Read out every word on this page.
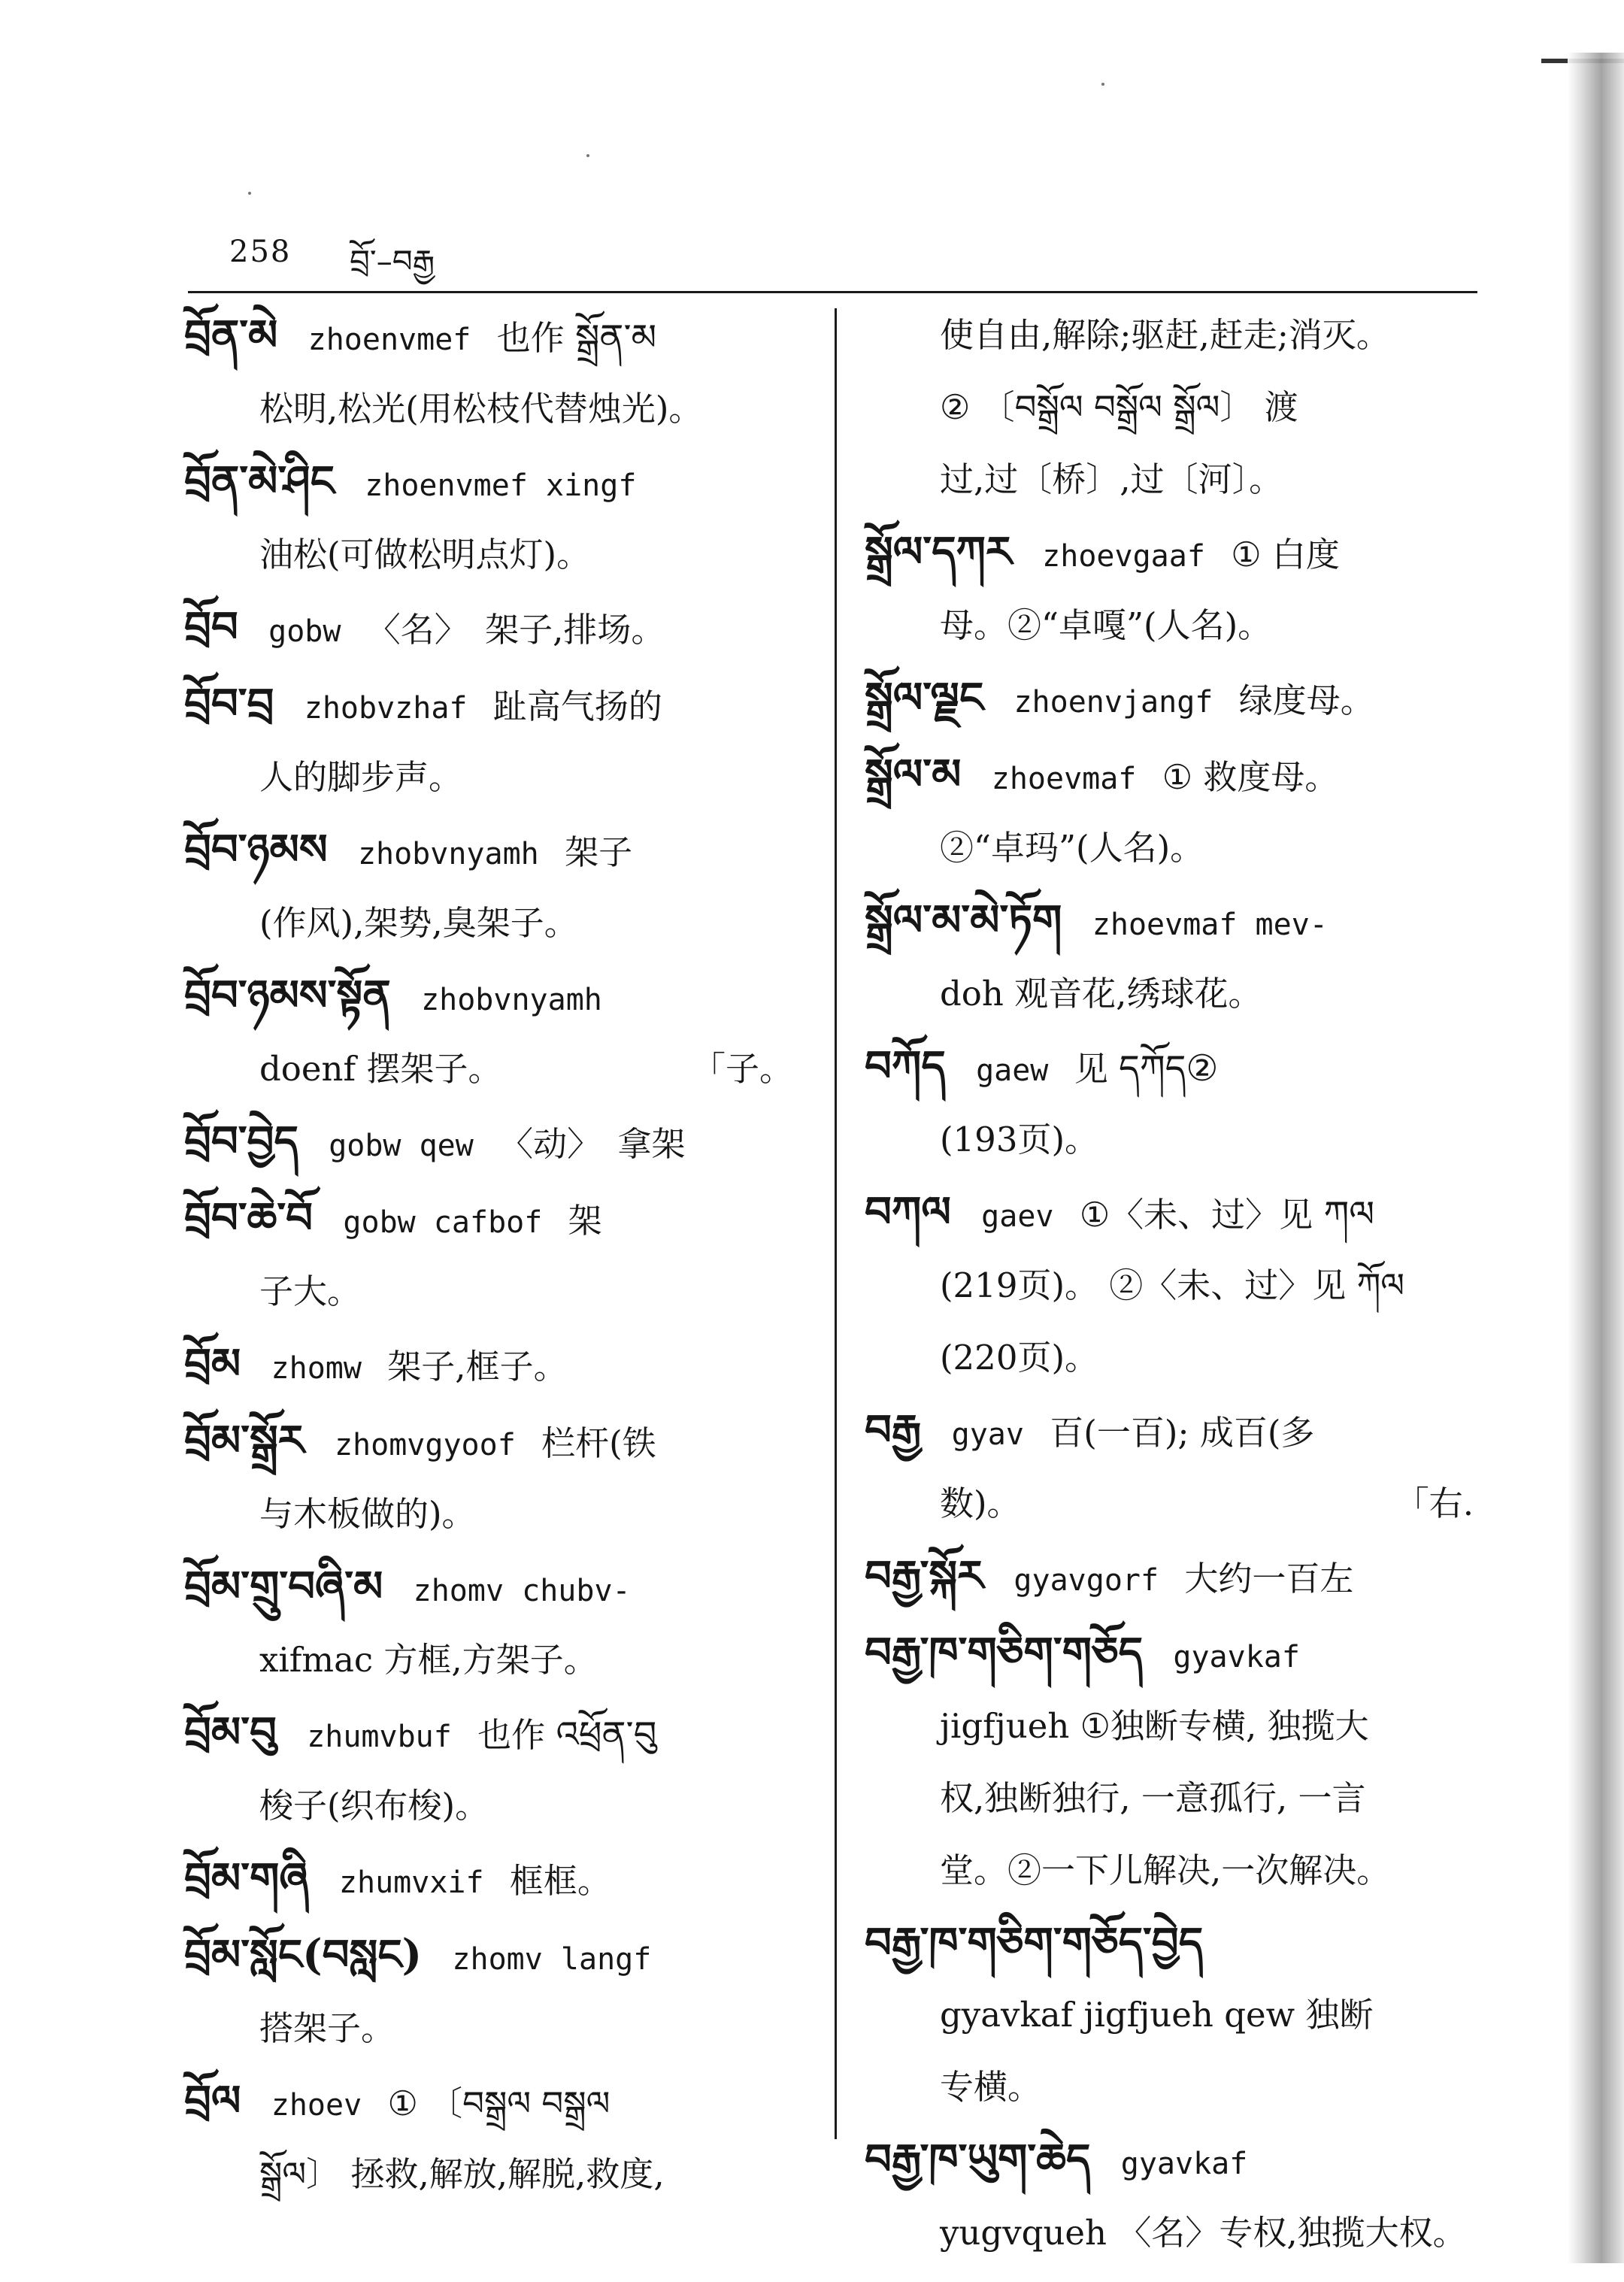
258 བྲོ་–བརྒྱ
བྲོན་མེ zhoenvmef 也作 སྒྲོན་མ
松明,松光(用松枝代替烛光)。
བྲོན་མེ་ཤིང zhoenvmef xingf
油松(可做松明点灯)。
བྲོབ gobw 〈名〉 架子,排场。
བྲོབ་བྲ zhobvzhaf 趾高气扬的
人的脚步声。
བྲོབ་ཉམས zhobvnyamh 架子
(作风),架势,臭架子。
བྲོབ་ཉམས་སྟོན zhobvnyamh
doenf 摆架子。	「子。
བྲོབ་བྱེད gobw qew 〈动〉 拿架
བྲོབ་ཆེ་བོ gobw cafbof 架
子大。
བྲོམ zhomw 架子,框子。
བྲོམ་སྒྲོར zhomvgyoof 栏杆(铁
与木板做的)。
བྲོམ་གྲུ་བཞི་མ zhomv chubv-
xifmac 方框,方架子。
བྲོམ་བུ zhumvbuf 也作 འཕྲོན་བུ
梭子(织布梭)。
བྲོམ་གཞི zhumvxif 框框。
བྲོམ་སློང(བསླང) zhomv langf
搭架子。
བྲོལ zhoev ① 〔བསྒྲལ བསྒྲལ
སྒྲོལ〕 拯救,解放,解脱,救度,
使自由,解除;驱赶,赶走;消灭。
② 〔བསྒྲོལ བསྒྲོལ སྒྲོལ〕 渡
过,过〔桥〕,过〔河〕。
སྒྲོལ་དཀར zhoevgaaf ① 白度
母。②“卓嘎”(人名)。
སྒྲོལ་ལྗང zhoenvjangf 绿度母。
སྒྲོལ་མ zhoevmaf ① 救度母。
②“卓玛”(人名)。
སྒྲོལ་མ་མེ་ཏོག zhoevmaf mev-
doh 观音花,绣球花。
བཀོད gaew 见 དཀོད②
(193页)。
བཀལ gaev ①〈未、过〉见 ཀལ
(219页)。 ②〈未、过〉见 ཀོལ
(220页)。
བརྒྱ gyav 百(一百); 成百(多
数)。	「右.
བརྒྱ་སྐོར gyavgorf 大约一百左
བརྒྱ་ཁ་གཅིག་གཅོད gyavkaf
jigfjueh ①独断专横, 独揽大
权,独断独行, 一意孤行, 一言
堂。②一下儿解决,一次解决。
བརྒྱ་ཁ་གཅིག་གཅོད་བྱེད
gyavkaf jigfjueh qew 独断
专横。
བརྒྱ་ཁ་ཡུག་ཆེད gyavkaf
yugvqueh 〈名〉专权,独揽大权。
